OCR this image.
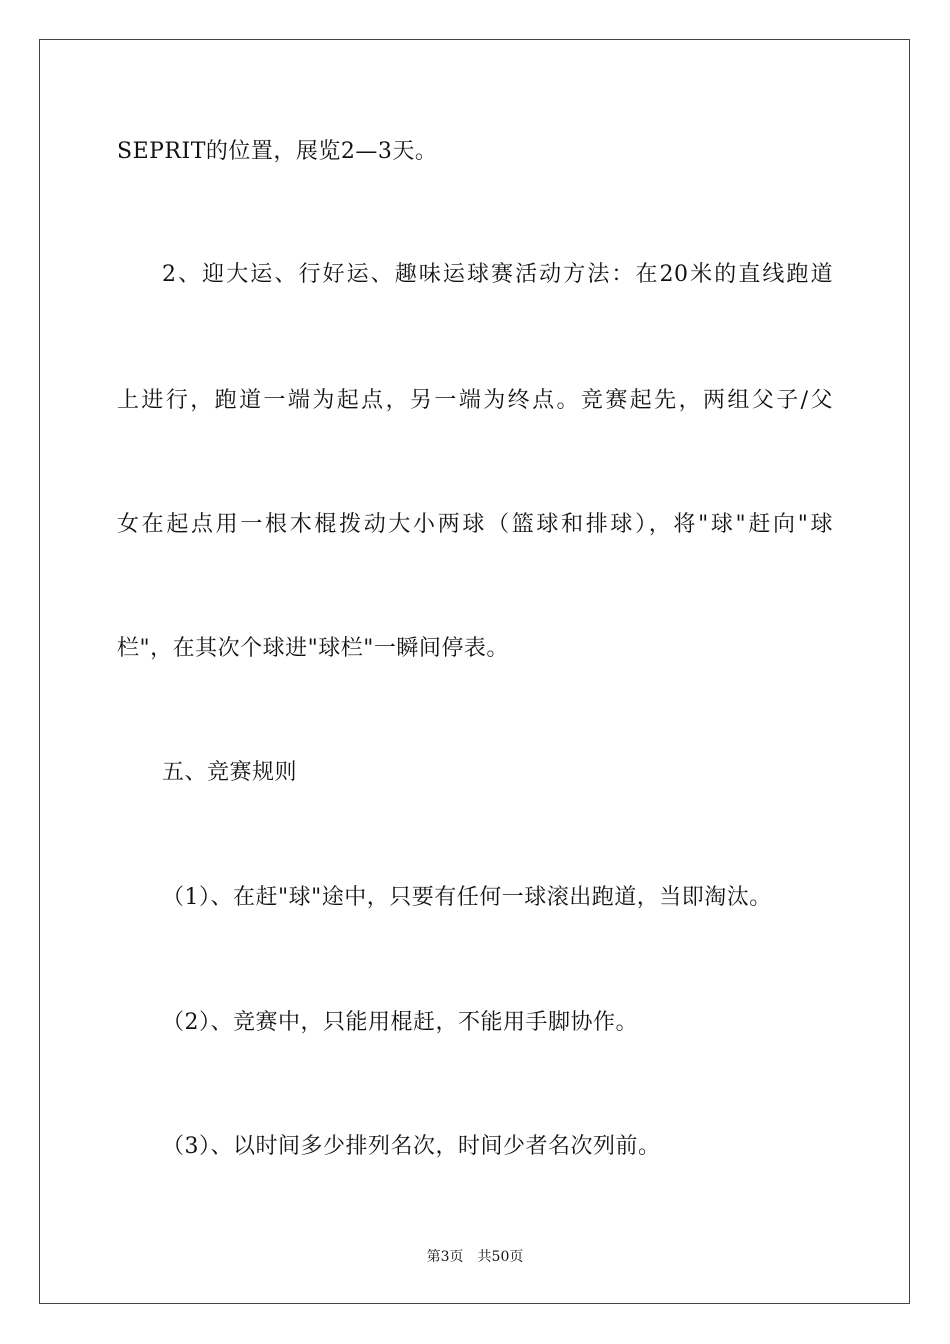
SEPRIT的位置，展览2—3天。
2、迎大运、行好运、趣味运球赛活动方法：在20米的直线跑道
上进行，跑道一端为起点，另一端为终点。竞赛起先，两组父子/父
女在起点用一根木棍拨动大小两球（篮球和排球），将"球"赶向"球
栏"，在其次个球进"球栏"一瞬间停表。
五、竞赛规则
（1）、在赶"球"途中，只要有任何一球滚出跑道，当即淘汰。
（2）、竞赛中，只能用棍赶，不能用手脚协作。
（3）、以时间多少排列名次，时间少者名次列前。
第3页 共50页
